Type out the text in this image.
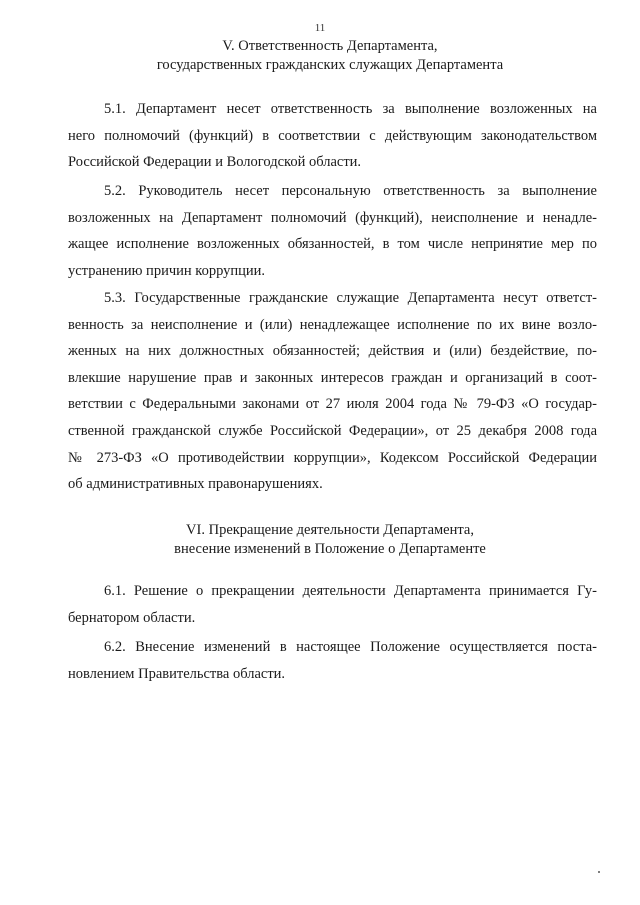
11
V. Ответственность Департамента,
государственных гражданских служащих Департамента

5.1. Департамент несет ответственность за выполнение возложенных на
него полномочий (функций) в соответствии с действующим законодательством
Российской Федерации и Вологодской области.

5.2. Руководитель несет персональную ответственность за выполнение
возложенных на Департамент полномочий (функций), неисполнение и ненадле-
жащее исполнение возложенных обязанностей, в том числе непринятие мер по
устранению причин коррупции.

5.3. Государственные гражданские служащие Департамента несут ответст-
венность за неисполнение и (или) ненадлежащее исполнение по их вине возло-
женных на них должностных обязанностей; действия и (или) бездействие, по-
влекшие нарушение прав и законных интересов граждан и организаций в соот-
ветствии с Федеральными законами от 27 июля 2004 года № 79-ФЗ «О государ-
ственной гражданской службе Российской Федерации», от 25 декабря 2008 года
№ 273-ФЗ «О противодействии коррупции», Кодексом Российской Федерации
об административных правонарушениях.

VI. Прекращение деятельности Департамента,
внесение изменений в Положение о Департаменте

6.1. Решение о прекращении деятельности Департамента принимается Гу-
бернатором области.

6.2. Внесение изменений в настоящее Положение осуществляется поста-
новлением Правительства области.
